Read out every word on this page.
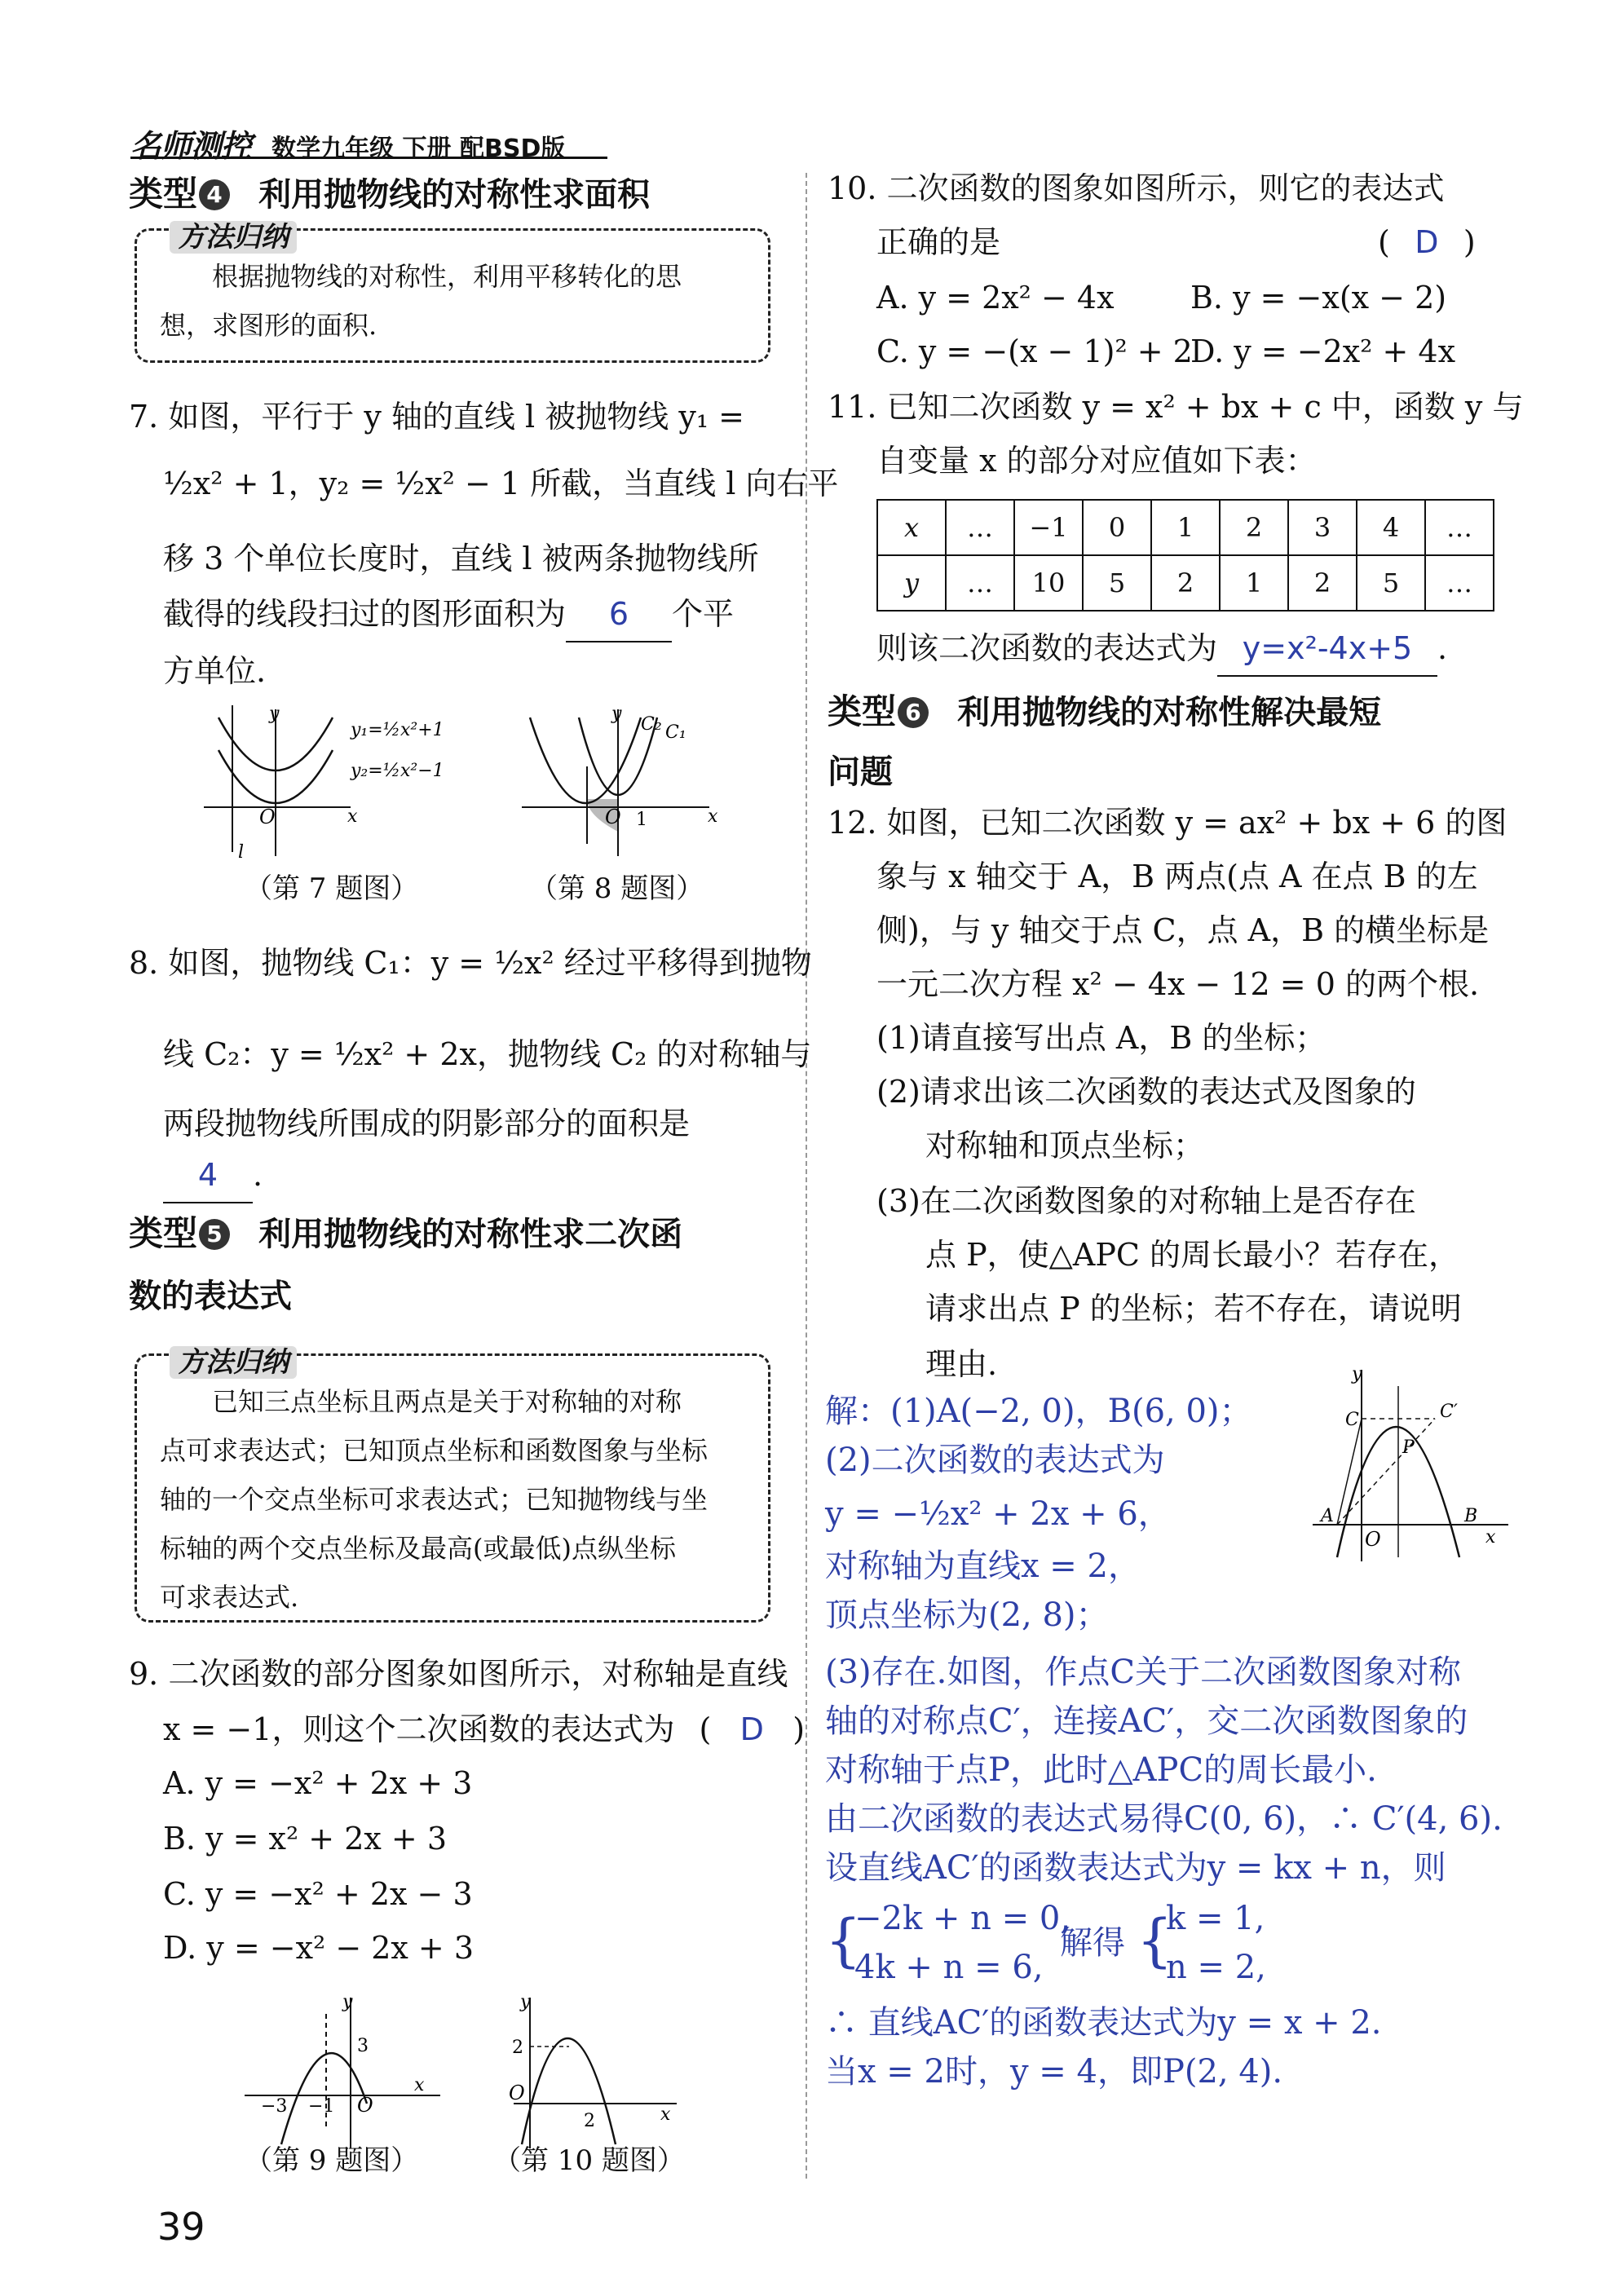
名师测控 数学九年级 下册 配BSD版
类型 4 利用抛物线的对称性求面积
方法归纳
根据抛物线的对称性，利用平移转化的思
想，求图形的面积.
7. 如图，平行于 y 轴的直线 l 被抛物线 y₁ =
½x² + 1，y₂ = ½x² − 1 所截，当直线 l 向右平
移 3 个单位长度时，直线 l 被两条抛物线所
截得的线段扫过的图形面积为 6 个平
方单位.
y
x
O
l
y₁=½x²+1
y₂=½x²−1
（第 7 题图）
y
x
O 1
C₂ C₁
（第 8 题图）
8. 如图，抛物线 C₁：y = ½x² 经过平移得到抛物
线 C₂：y = ½x² + 2x，抛物线 C₂ 的对称轴与
两段抛物线所围成的阴影部分的面积是
4 .
类型 5 利用抛物线的对称性求二次函
数的表达式
方法归纳
已知三点坐标且两点是关于对称轴的对称
点可求表达式；已知顶点坐标和函数图象与坐标
轴的一个交点坐标可求表达式；已知抛物线与坐
标轴的两个交点坐标及最高(或最低)点纵坐标
可求表达式.
9. 二次函数的部分图象如图所示，对称轴是直线
x = −1，则这个二次函数的表达式为 ( D )
A. y = −x² + 2x + 3
B. y = x² + 2x + 3
C. y = −x² + 2x − 3
D. y = −x² − 2x + 3
y
x
O
−3 −1
3
（第 9 题图）
y
x
O
2
2
（第 10 题图）
39
10. 二次函数的图象如图所示，则它的表达式
正确的是	( D )
A. y = 2x² − 4x B. y = −x(x − 2)
C. y = −(x − 1)² + 2
D. y = −2x² + 4x
11. 已知二次函数 y = x² + bx + c 中，函数 y 与
自变量 x 的部分对应值如下表：
x	…	−1	0	1	2	3	4	…
y	…	10	5	2	1	2	5	…
则该二次函数的表达式为 y=x²-4x+5 .
类型 6 利用抛物线的对称性解决最短
问题
12. 如图，已知二次函数 y = ax² + bx + 6 的图
象与 x 轴交于 A，B 两点(点 A 在点 B 的左
侧)，与 y 轴交于点 C，点 A，B 的横坐标是
一元二次方程 x² − 4x − 12 = 0 的两个根.
(1)请直接写出点 A，B 的坐标；
(2)请求出该二次函数的表达式及图象的
对称轴和顶点坐标；
(3)在二次函数图象的对称轴上是否存在
点 P，使△APC 的周长最小？若存在，
请求出点 P 的坐标；若不存在，请说明
理由.	y
x
O
A	B
C	C′
P
解：(1)A(−2, 0)，B(6, 0)；
(2)二次函数的表达式为
y = −½x² + 2x + 6，
对称轴为直线x = 2，
顶点坐标为(2, 8)；
(3)存在.如图，作点C关于二次函数图象对称
轴的对称点C′，连接AC′，交二次函数图象的
对称轴于点P，此时△APC的周长最小.
由二次函数的表达式易得C(0, 6)，∴ C′(4, 6).
设直线AC′的函数表达式为y = kx + n，则
{
−2k + n = 0,
4k + n = 6,
解得 {
k = 1,
n = 2,
∴ 直线AC′的函数表达式为y = x + 2.
当x = 2时，y = 4，即P(2, 4).
